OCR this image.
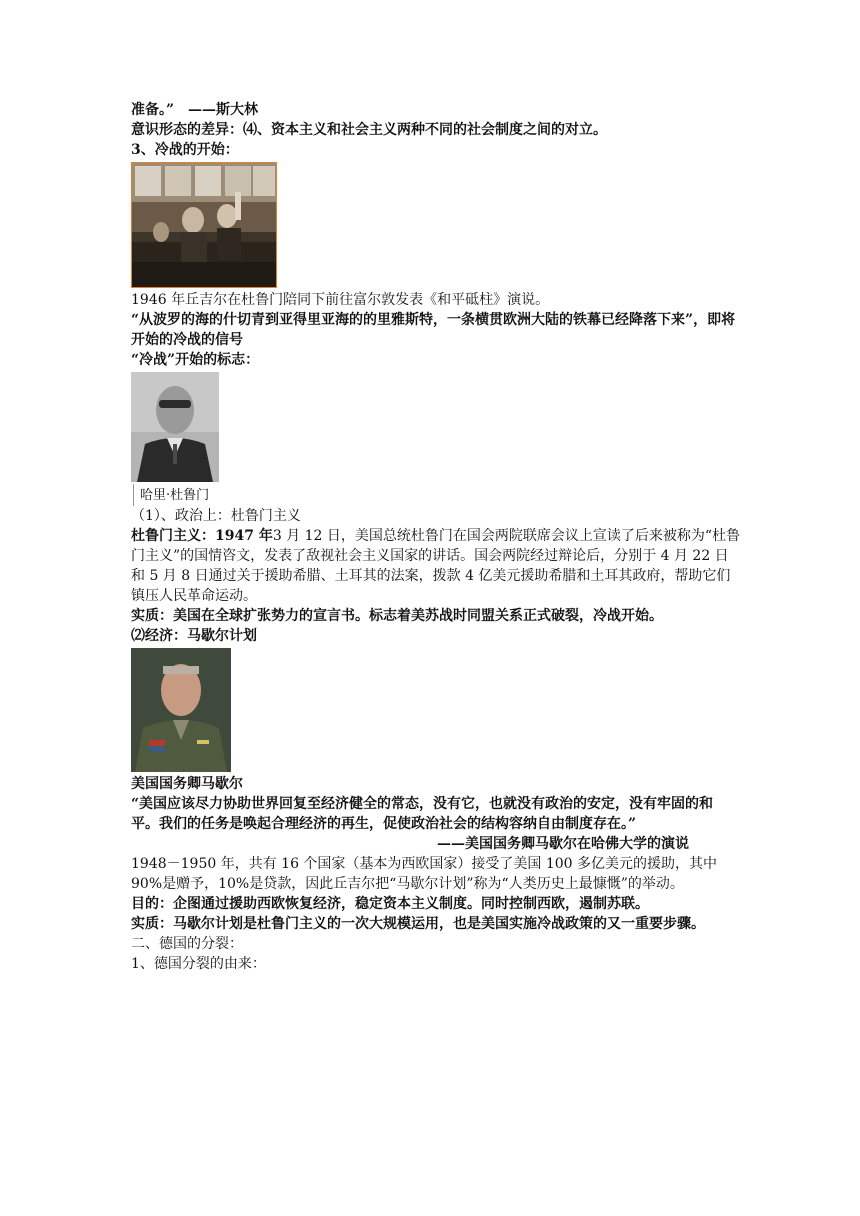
准备。”　——斯大林

意识形态的差异：⑷、资本主义和社会主义两种不同的社会制度之间的对立。

3、冷战的开始：

1946 年丘吉尔在杜鲁门陪同下前往富尔敦发表《和平砥柱》演说。

“从波罗的海的什切青到亚得里亚海的的里雅斯特，一条横贯欧洲大陆的铁幕已经降落下来”，即将开始的冷战的信号

“冷战”开始的标志：

哈里·杜鲁门

（1）、政治上：杜鲁门主义

杜鲁门主义：1947 年3 月 12 日，美国总统杜鲁门在国会两院联席会议上宣读了后来被称为“杜鲁门主义”的国情咨文，发表了敌视社会主义国家的讲话。国会两院经过辩论后，分别于 4 月 22 日和 5 月 8 日通过关于援助希腊、土耳其的法案，拨款 4 亿美元援助希腊和土耳其政府，帮助它们镇压人民革命运动。

实质：美国在全球扩张势力的宣言书。标志着美苏战时同盟关系正式破裂，冷战开始。

⑵经济：马歇尔计划

美国国务卿马歇尔

“美国应该尽力协助世界回复至经济健全的常态，没有它，也就没有政治的安定，没有牢固的和平。我们的任务是唤起合理经济的再生，促使政治社会的结构容纳自由制度存在。”

——美国国务卿马歇尔在哈佛大学的演说

1948－1950 年，共有 16 个国家（基本为西欧国家）接受了美国 100 多亿美元的援助，其中 90%是赠予，10%是贷款，因此丘吉尔把“马歇尔计划”称为“人类历史上最慷慨”的举动。

目的：企图通过援助西欧恢复经济，稳定资本主义制度。同时控制西欧，遏制苏联。

实质：马歇尔计划是杜鲁门主义的一次大规模运用，也是美国实施冷战政策的又一重要步骤。

二、德国的分裂：

1、德国分裂的由来：
